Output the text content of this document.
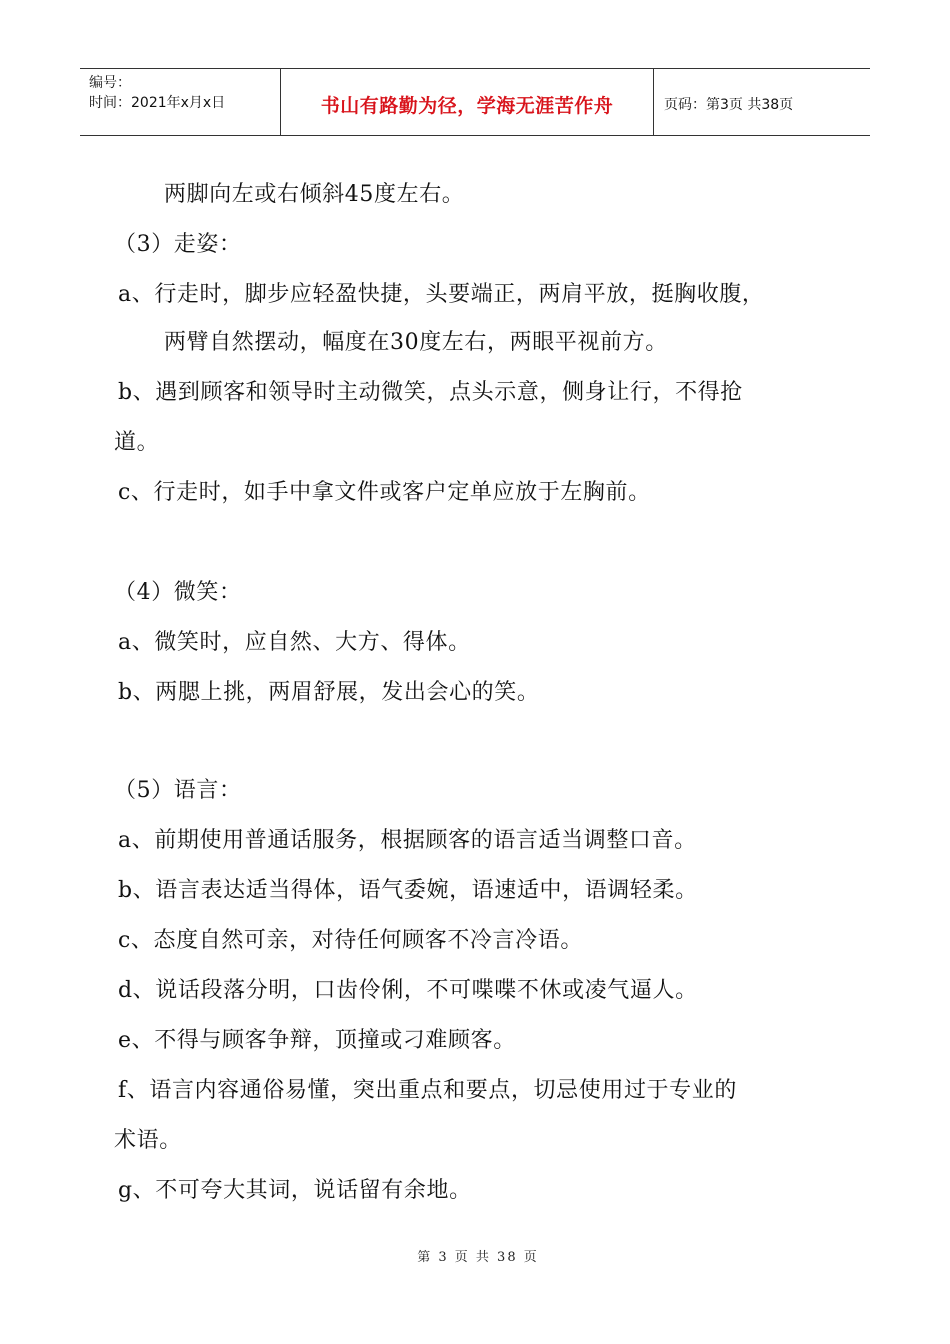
编号：
时间：2021年x月x日	书山有路勤为径，学海无涯苦作舟	页码：第3页 共38页
两脚向左或右倾斜45度左右。
（3）走姿：
a、行走时，脚步应轻盈快捷，头要端正，两肩平放，挺胸收腹，
两臂自然摆动，幅度在30度左右，两眼平视前方。
b、遇到顾客和领导时主动微笑，点头示意，侧身让行，不得抢
道。
c、行走时，如手中拿文件或客户定单应放于左胸前。
（4）微笑：
a、微笑时，应自然、大方、得体。
b、两腮上挑，两眉舒展，发出会心的笑。
（5）语言：
a、前期使用普通话服务，根据顾客的语言适当调整口音。
b、语言表达适当得体，语气委婉，语速适中，语调轻柔。
c、态度自然可亲，对待任何顾客不冷言冷语。
d、说话段落分明，口齿伶俐，不可喋喋不休或凌气逼人。
e、不得与顾客争辩，顶撞或刁难顾客。
f、语言内容通俗易懂，突出重点和要点，切忌使用过于专业的
术语。
g、不可夸大其词，说话留有余地。
第 3 页 共 38 页
